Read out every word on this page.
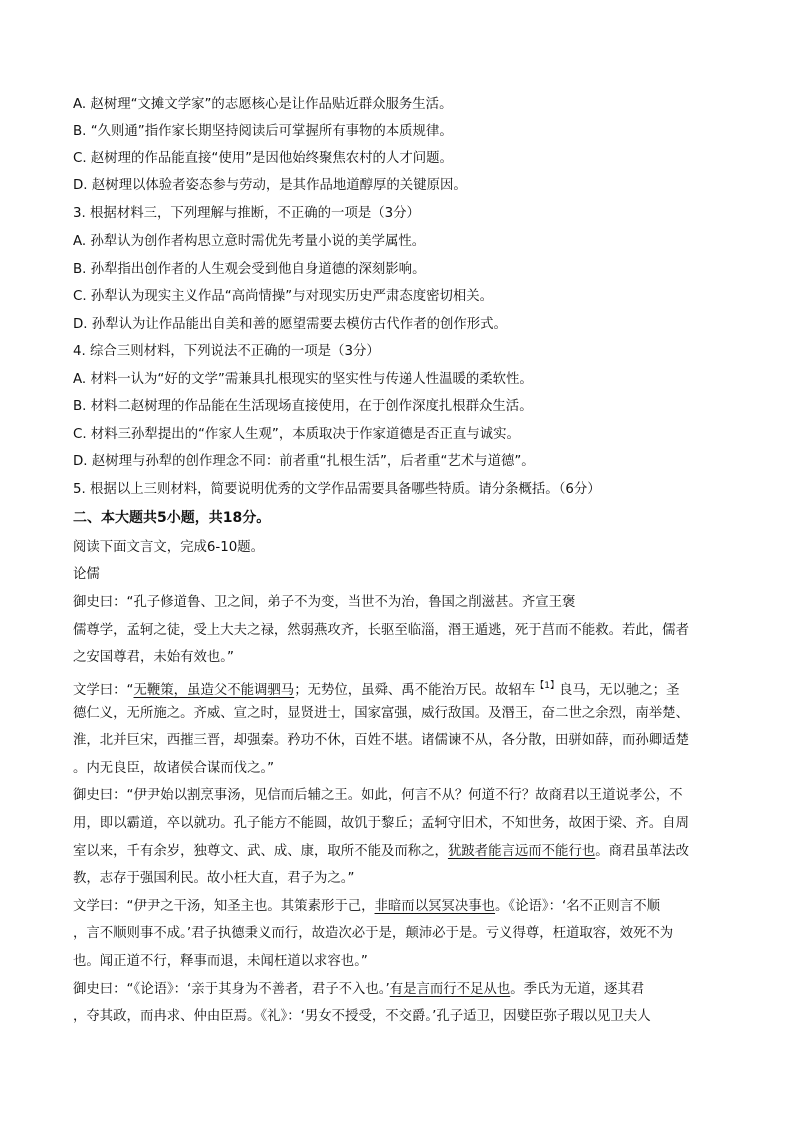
A. 赵树理“文摊文学家”的志愿核心是让作品贴近群众服务生活。
B. “久则通”指作家长期坚持阅读后可掌握所有事物的本质规律。
C. 赵树理的作品能直接“使用”是因他始终聚焦农村的人才问题。
D. 赵树理以体验者姿态参与劳动，是其作品地道醇厚的关键原因。
3. 根据材料三，下列理解与推断，不正确的一项是（3分）
A. 孙犁认为创作者构思立意时需优先考量小说的美学属性。
B. 孙犁指出创作者的人生观会受到他自身道德的深刻影响。
C. 孙犁认为现实主义作品“高尚情操”与对现实历史严肃态度密切相关。
D. 孙犁认为让作品能出自美和善的愿望需要去模仿古代作者的创作形式。
4. 综合三则材料，下列说法不正确的一项是（3分）
A. 材料一认为“好的文学”需兼具扎根现实的坚实性与传递人性温暖的柔软性。
B. 材料二赵树理的作品能在生活现场直接使用，在于创作深度扎根群众生活。
C. 材料三孙犁提出的“作家人生观”，本质取决于作家道德是否正直与诚实。
D. 赵树理与孙犁的创作理念不同：前者重“扎根生活”，后者重“艺术与道德”。
5. 根据以上三则材料，简要说明优秀的文学作品需要具备哪些特质。请分条概括。（6分）
二、本大题共5小题，共18分。
阅读下面文言文，完成6-10题。
论儒
御史曰：“孔子修道鲁、卫之间，弟子不为变，当世不为治，鲁国之削滋甚。齐宣王褒
儒尊学，孟轲之徒，受上大夫之禄，然弱燕攻齐，长驱至临淄，湣王遁逃，死于莒而不能救。若此，儒者
之安国尊君，未始有效也。”
文学曰：“无鞭策，虽造父不能调驷马；无势位，虽舜、禹不能治万民。故轺车$^{【1】}$良马，无以驰之；圣
德仁义，无所施之。齐威、宣之时，显贤进士，国家富强，威行敌国。及湣王，奋二世之余烈，南举楚、
淮，北并巨宋，西摧三晋，却强秦。矜功不休，百姓不堪。诸儒谏不从，各分散，田骈如薛，而孙卿适楚
。内无良臣，故诸侯合谋而伐之。”
御史曰：“伊尹始以割烹事汤，见信而后辅之王。如此，何言不从？何道不行？故商君以王道说孝公，不
用，即以霸道，卒以就功。孔子能方不能圆，故饥于黎丘；孟轲守旧术，不知世务，故困于梁、齐。自周
室以来，千有余岁，独尊文、武、成、康，取所不能及而称之，犹跛者能言远而不能行也。商君虽革法改
教，志存于强国利民。故小枉大直，君子为之。”
文学曰：“伊尹之干汤，知圣主也。其策素形于己，非暗而以冥冥决事也。《论语》：‘名不正则言不顺
，言不顺则事不成。’君子执德秉义而行，故造次必于是，颠沛必于是。亏义得尊，枉道取容，效死不为
也。闻正道不行，释事而退，未闻枉道以求容也。”
御史曰：“《论语》：‘亲于其身为不善者，君子不入也。’有是言而行不足从也。季氏为无道，逐其君
，夺其政，而冉求、仲由臣焉。《礼》：‘男女不授受，不交爵。’孔子适卫，因嬖臣弥子瑕以见卫夫人
